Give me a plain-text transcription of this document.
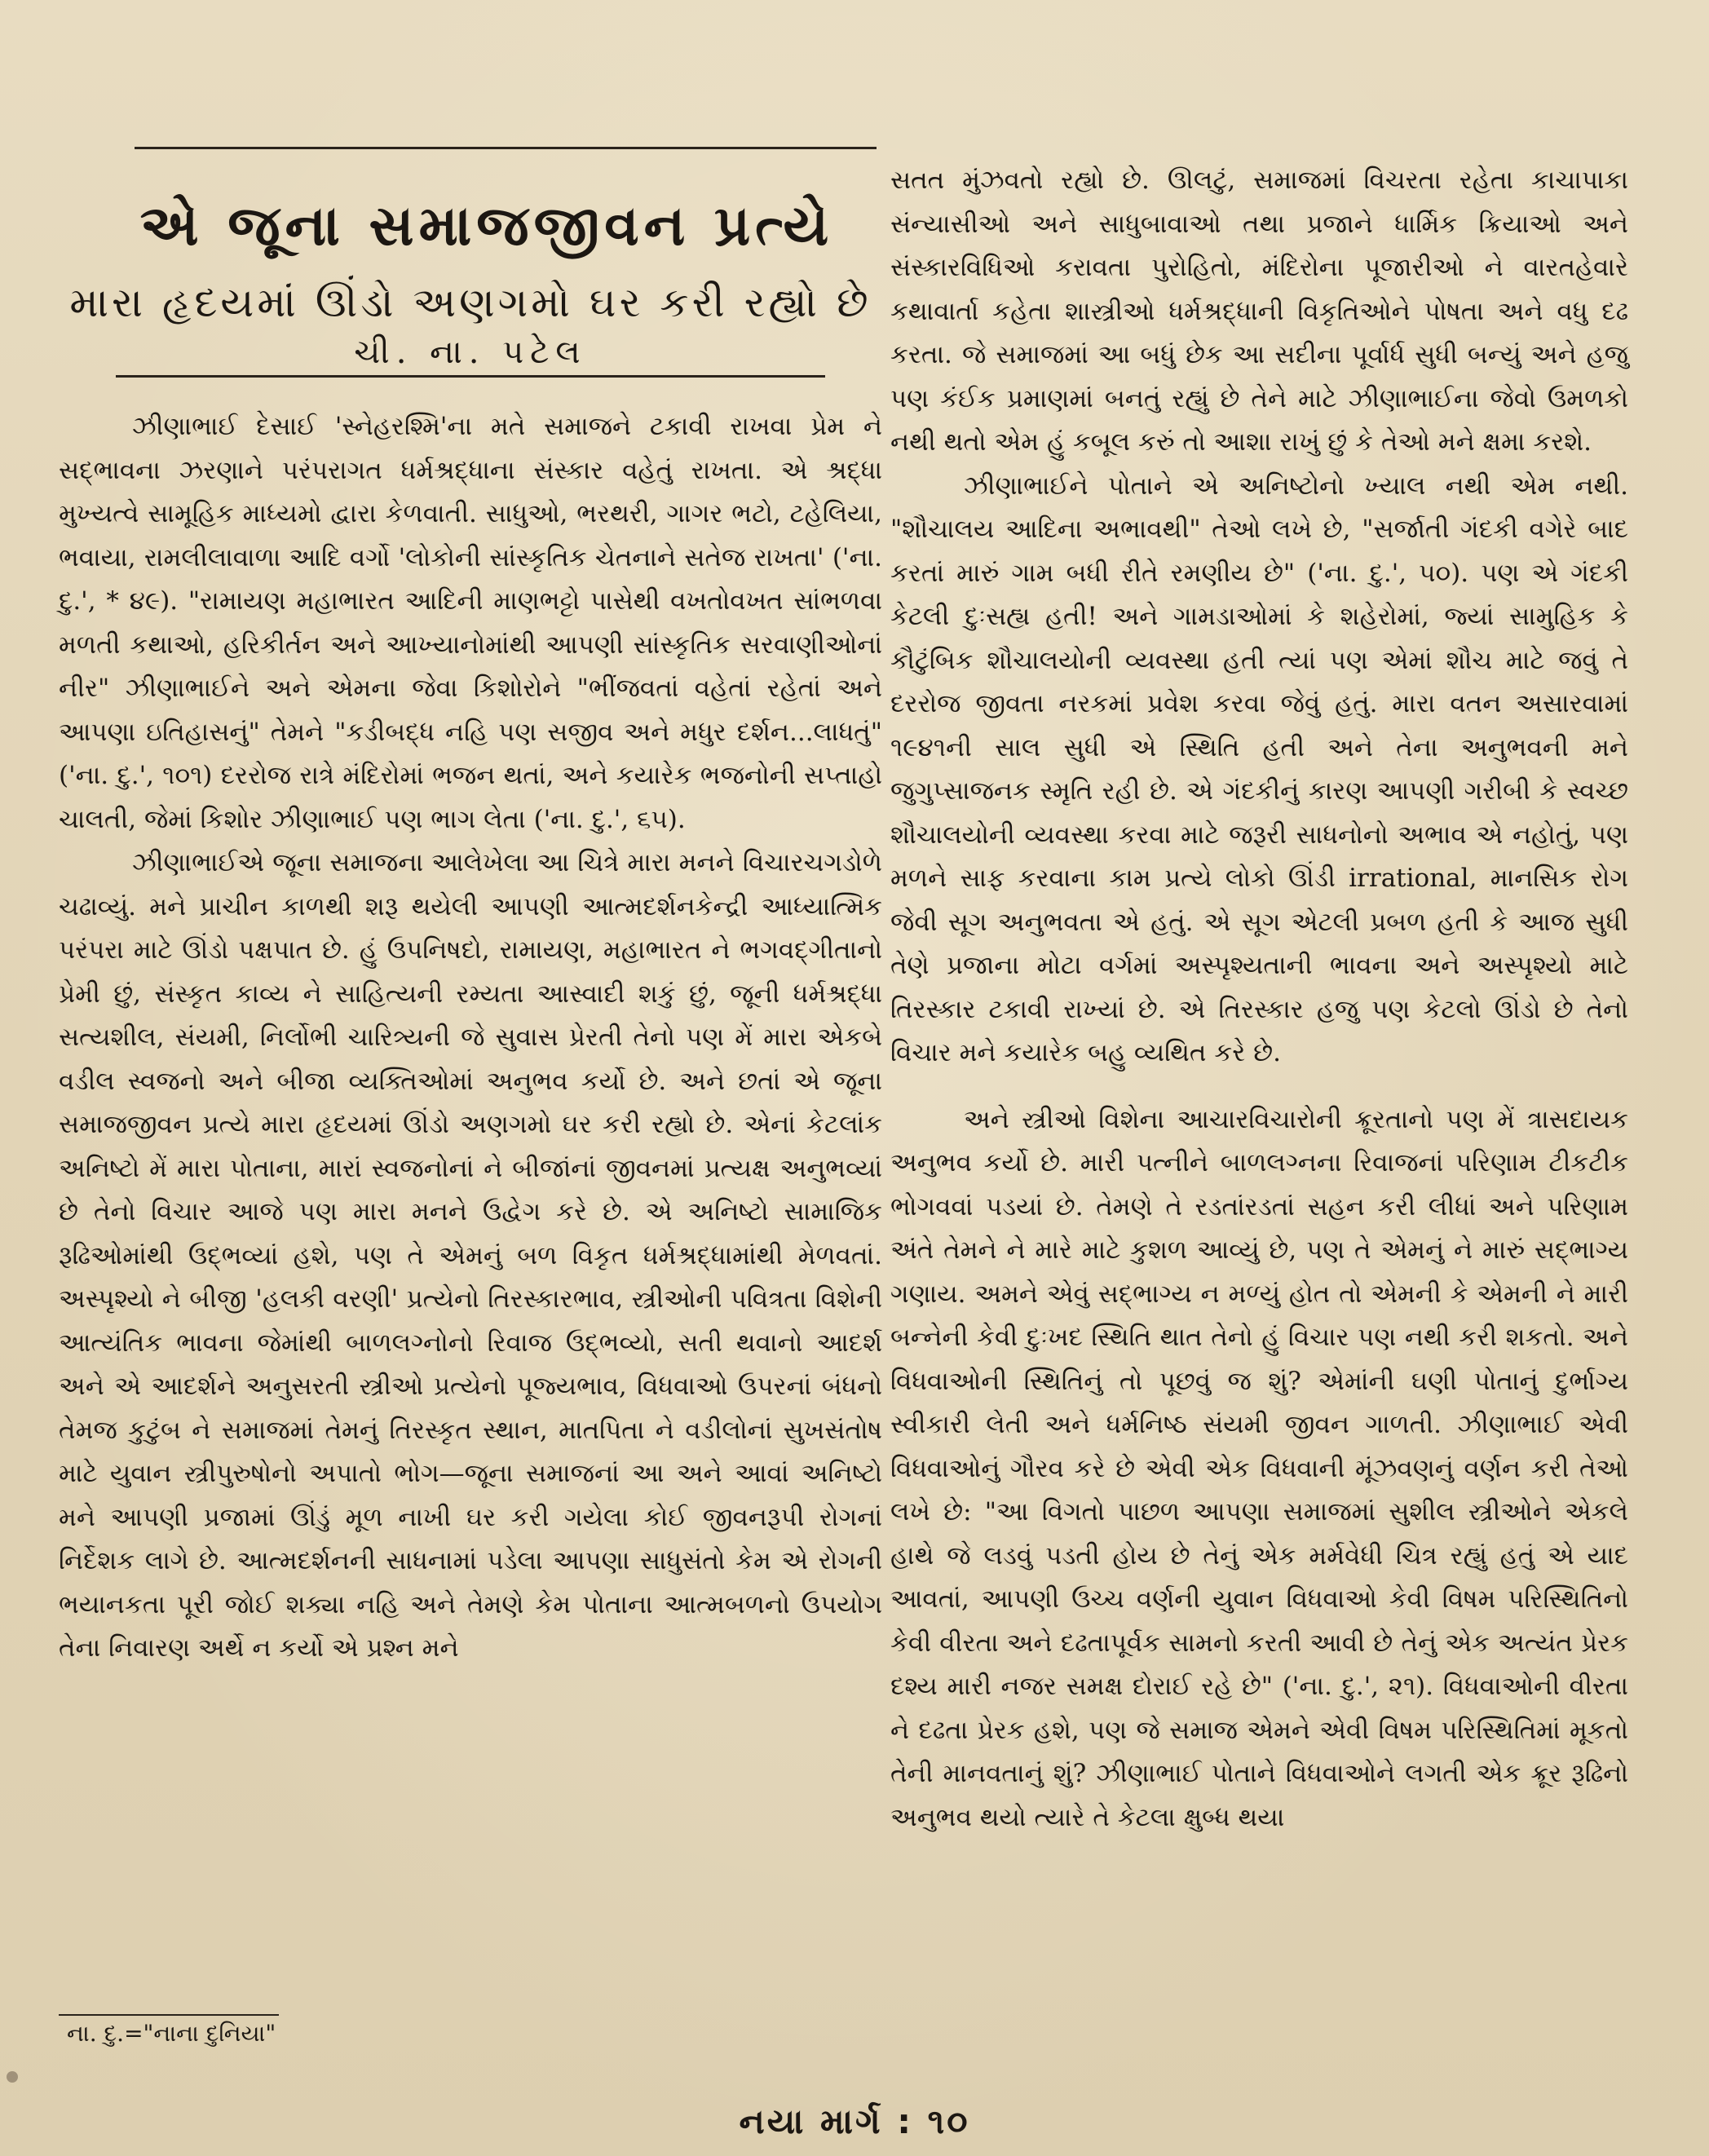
એ જૂના સમાજજીવન પ્રત્યે
મારા હૃદયમાં ઊંડો અણગમો ઘર કરી રહ્યો છે
ચી. ના. પટેલ

ઝીણાભાઈ દેસાઈ 'સ્નેહરશ્મિ'ના મતે સમાજને ટકાવી રાખવા પ્રેમ ને સદ્ભાવના ઝરણાને પરંપરાગત ધર્મશ્રદ્ધાના સંસ્કાર વહેતું રાખતા. એ શ્રદ્ધા મુખ્યત્વે સામૂહિક માધ્યમો દ્વારા કેળવાતી. સાધુઓ, ભરથરી, ગાગર ભટો, ટહેલિયા, ભવાયા, રામલીલાવાળા આદિ વર્ગો 'લોકોની સાંસ્કૃતિક ચેતનાને સતેજ રાખતા' ('ના. દુ.', * ૪૯). "રામાયણ મહાભારત આદિની માણભટ્ટો પાસેથી વખતોવખત સાંભળવા મળતી કથાઓ, હરિકીર્તન અને આખ્યાનોમાંથી આપણી સાંસ્કૃતિક સરવાણીઓનાં નીર" ઝીણાભાઈને અને એમના જેવા કિશોરોને "ભીંજવતાં વહેતાં રહેતાં અને આપણા ઇતિહાસનું" તેમને "કડીબદ્ધ નહિ પણ સજીવ અને મધુર દર્શન...લાધતું" ('ના. દુ.', ૧૦૧) દરરોજ રાત્રે મંદિરોમાં ભજન થતાં, અને કયારેક ભજનોની સપ્તાહો ચાલતી, જેમાં કિશોર ઝીણાભાઈ પણ ભાગ લેતા ('ના. દુ.', ૬૫).

ઝીણાભાઈએ જૂના સમાજના આલેખેલા આ ચિત્રે મારા મનને વિચારચગડોળે ચઢાવ્યું. મને પ્રાચીન કાળથી શરૂ થયેલી આપણી આત્મદર્શનકેન્દ્રી આધ્યાત્મિક પરંપરા માટે ઊંડો પક્ષપાત છે. હું ઉપનિષદો, રામાયણ, મહાભારત ને ભગવદ્ગીતાનો પ્રેમી છું, સંસ્કૃત કાવ્ય ને સાહિત્યની રમ્યતા આસ્વાદી શકું છું, જૂની ધર્મશ્રદ્ધા સત્યશીલ, સંયમી, નિર્લોભી ચારિત્ર્યની જે સુવાસ પ્રેરતી તેનો પણ મેં મારા એકબે વડીલ સ્વજનો અને બીજા વ્યક્તિઓમાં અનુભવ કર્યો છે. અને છતાં એ જૂના સમાજજીવન પ્રત્યે મારા હૃદયમાં ઊંડો અણગમો ઘર કરી રહ્યો છે. એનાં કેટલાંક અનિષ્ટો મેં મારા પોતાના, મારાં સ્વજનોનાં ને બીજાંનાં જીવનમાં પ્રત્યક્ષ અનુભવ્યાં છે તેનો વિચાર આજે પણ મારા મનને ઉદ્વેગ કરે છે. એ અનિષ્ટો સામાજિક રૂઢિઓમાંથી ઉદ્ભવ્યાં હશે, પણ તે એમનું બળ વિકૃત ધર્મશ્રદ્ધામાંથી મેળવતાં. અસ્પૃશ્યો ને બીજી 'હલકી વરણી' પ્રત્યેનો તિરસ્કારભાવ, સ્ત્રીઓની પવિત્રતા વિશેની આત્યંતિક ભાવના જેમાંથી બાળલગ્નોનો રિવાજ ઉદ્ભવ્યો, સતી થવાનો આદર્શ અને એ આદર્શને અનુસરતી સ્ત્રીઓ પ્રત્યેનો પૂજ્યભાવ, વિધવાઓ ઉપરનાં બંધનો તેમજ કુટુંબ ને સમાજમાં તેમનું તિરસ્કૃત સ્થાન, માતપિતા ને વડીલોનાં સુખસંતોષ માટે યુવાન સ્ત્રીપુરુષોનો અપાતો ભોગ—જૂના સમાજનાં આ અને આવાં અનિષ્ટો મને આપણી પ્રજામાં ઊંડું મૂળ નાખી ઘર કરી ગયેલા કોઈ જીવનરૂપી રોગનાં નિર્દેશક લાગે છે. આત્મદર્શનની સાધનામાં પડેલા આપણા સાધુસંતો કેમ એ રોગની ભયાનકતા પૂરી જોઈ શક્યા નહિ અને તેમણે કેમ પોતાના આત્મબળનો ઉપયોગ તેના નિવારણ અર્થે ન કર્યો એ પ્રશ્ન મને

ના. દુ.="નાના દુનિયા"

સતત મુંઝવતો રહ્યો છે. ઊલટું, સમાજમાં વિચરતા રહેતા કાચાપાકા સંન્યાસીઓ અને સાધુબાવાઓ તથા પ્રજાને ધાર્મિક ક્રિયાઓ અને સંસ્કારવિધિઓ કરાવતા પુરોહિતો, મંદિરોના પૂજારીઓ ને વારતહેવારે કથાવાર્તા કહેતા શાસ્ત્રીઓ ધર્મશ્રદ્ધાની વિકૃતિઓને પોષતા અને વધુ દઢ કરતા. જે સમાજમાં આ બધું છેક આ સદીના પૂર્વાર્ધ સુધી બન્યું અને હજુ પણ કંઈક પ્રમાણમાં બનતું રહ્યું છે તેને માટે ઝીણાભાઈના જેવો ઉમળકો નથી થતો એમ હું કબૂલ કરું તો આશા રાખું છું કે તેઓ મને ક્ષમા કરશે.

ઝીણાભાઈને પોતાને એ અનિષ્ટોનો ખ્યાલ નથી એમ નથી. "શૌચાલય આદિના અભાવથી" તેઓ લખે છે, "સર્જાતી ગંદકી વગેરે બાદ કરતાં મારું ગામ બધી રીતે રમણીય છે" ('ના. દુ.', ૫૦). પણ એ ગંદકી કેટલી દુઃસહ્ય હતી! અને ગામડાઓમાં કે શહેરોમાં, જ્યાં સામુહિક કે કૌટુંબિક શૌચાલયોની વ્યવસ્થા હતી ત્યાં પણ એમાં શૌચ માટે જવું તે દરરોજ જીવતા નરકમાં પ્રવેશ કરવા જેવું હતું. મારા વતન અસારવામાં ૧૯૪૧ની સાલ સુધી એ સ્થિતિ હતી અને તેના અનુભવની મને જુગુપ્સાજનક સ્મૃતિ રહી છે. એ ગંદકીનું કારણ આપણી ગરીબી કે સ્વચ્છ શૌચાલયોની વ્યવસ્થા કરવા માટે જરૂરી સાધનોનો અભાવ એ નહોતું, પણ મળને સાફ કરવાના કામ પ્રત્યે લોકો ઊંડી irrational, માનસિક રોગ જેવી સૂગ અનુભવતા એ હતું. એ સૂગ એટલી પ્રબળ હતી કે આજ સુધી તેણે પ્રજાના મોટા વર્ગમાં અસ્પૃશ્યતાની ભાવના અને અસ્પૃશ્યો માટે તિરસ્કાર ટકાવી રાખ્યાં છે. એ તિરસ્કાર હજુ પણ કેટલો ઊંડો છે તેનો વિચાર મને કયારેક બહુ વ્યથિત કરે છે.

અને સ્ત્રીઓ વિશેના આચારવિચારોની ક્રૂરતાનો પણ મેં ત્રાસદાયક અનુભવ કર્યો છે. મારી પત્નીને બાળલગ્નના રિવાજનાં પરિણામ ટીકટીક ભોગવવાં પડયાં છે. તેમણે તે રડતાંરડતાં સહન કરી લીધાં અને પરિણામ અંતે તેમને ને મારે માટે કુશળ આવ્યું છે, પણ તે એમનું ને મારું સદ્ભાગ્ય ગણાય. અમને એવું સદ્ભાગ્ય ન મળ્યું હોત તો એમની કે એમની ને મારી બન્નેની કેવી દુઃખદ સ્થિતિ થાત તેનો હું વિચાર પણ નથી કરી શકતો. અને વિધવાઓની સ્થિતિનું તો પૂછવું જ શું? એમાંની ઘણી પોતાનું દુર્ભાગ્ય સ્વીકારી લેતી અને ધર્મનિષ્ઠ સંયમી જીવન ગાળતી. ઝીણાભાઈ એવી વિધવાઓનું ગૌરવ કરે છે એવી એક વિધવાની મૂંઝવણનું વર્ણન કરી તેઓ લખે છે: "આ વિગતો પાછળ આપણા સમાજમાં સુશીલ સ્ત્રીઓને એકલે હાથે જે લડવું પડતી હોય છે તેનું એક મર્મવેધી ચિત્ર રહ્યું હતું એ યાદ આવતાં, આપણી ઉચ્ચ વર્ણની યુવાન વિધવાઓ કેવી વિષમ પરિસ્થિતિનો કેવી વીરતા અને દઢતાપૂર્વક સામનો કરતી આવી છે તેનું એક અત્યંત પ્રેરક દશ્ય મારી નજર સમક્ષ દોરાઈ રહે છે" ('ના. દુ.', ૨૧). વિધવાઓની વીરતા ને દઢતા પ્રેરક હશે, પણ જે સમાજ એમને એવી વિષમ પરિસ્થિતિમાં મૂકતો તેની માનવતાનું શું? ઝીણાભાઈ પોતાને વિધવાઓને લગતી એક ક્રૂર રૂઢિનો અનુભવ થયો ત્યારે તે કેટલા ક્ષુબ્ધ થયા

નયા માર્ગ : ૧૦
